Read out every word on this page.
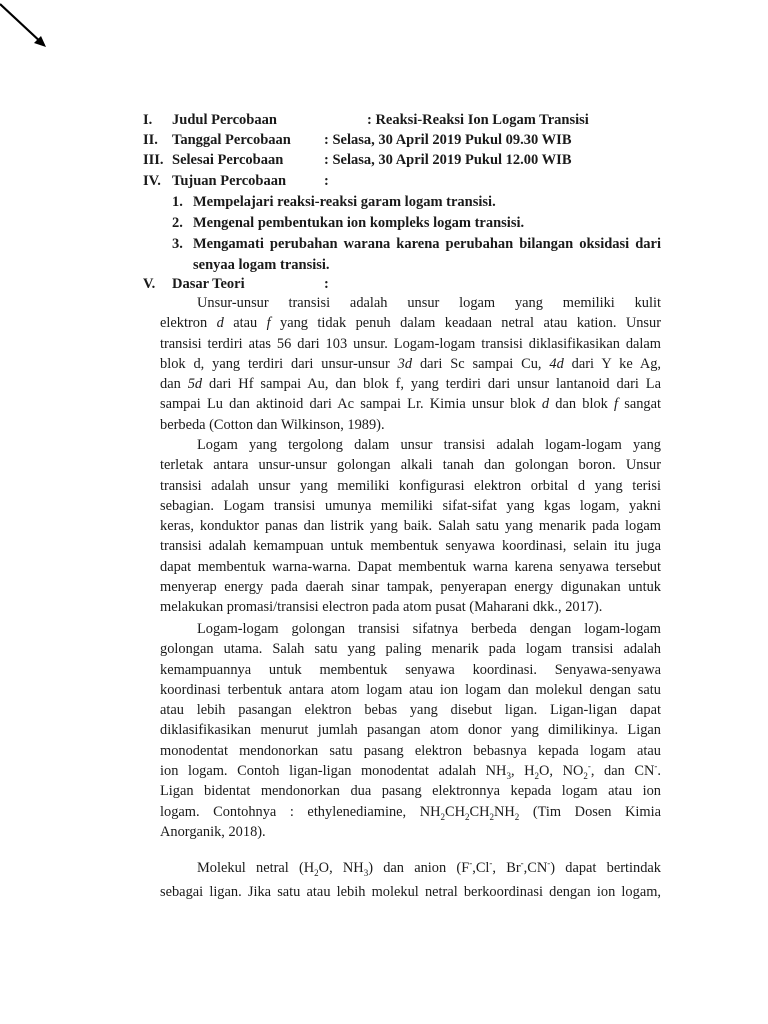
I. Judul Percobaan	: Reaksi-Reaksi Ion Logam Transisi
II. Tanggal Percobaan : Selasa, 30 April 2019 Pukul 09.30 WIB
III. Selesai Percobaan	: Selasa, 30 April 2019 Pukul 12.00 WIB
IV. Tujuan Percobaan	:
1. Mempelajari reaksi-reaksi garam logam transisi.
2. Mengenal pembentukan ion kompleks logam transisi.
3. Mengamati perubahan warana karena perubahan bilangan oksidasi dari senyaa logam transisi.
V. Dasar Teori	:
Unsur-unsur transisi adalah unsur logam yang memiliki kulit
elektron d atau f yang tidak penuh dalam keadaan netral atau kation. Unsur
transisi terdiri atas 56 dari 103 unsur. Logam-logam transisi diklasifikasikan dalam
blok d, yang terdiri dari unsur-unsur 3d dari Sc sampai Cu, 4d dari Y ke Ag,
dan 5d dari Hf sampai Au, dan blok f, yang terdiri dari unsur lantanoid dari La
sampai Lu dan aktinoid dari Ac sampai Lr. Kimia unsur blok d dan blok f sangat
berbeda (Cotton dan Wilkinson, 1989).
Logam yang tergolong dalam unsur transisi adalah logam-logam yang
terletak antara unsur-unsur golongan alkali tanah dan golongan boron. Unsur
transisi adalah unsur yang memiliki konfigurasi elektron orbital d yang terisi
sebagian. Logam transisi umunya memiliki sifat-sifat yang kgas logam, yakni
keras, konduktor panas dan listrik yang baik. Salah satu yang menarik pada logam
transisi adalah kemampuan untuk membentuk senyawa koordinasi, selain itu juga
dapat membentuk warna-warna. Dapat membentuk warna karena senyawa tersebut
menyerap energy pada daerah sinar tampak, penyerapan energy digunakan untuk
melakukan promasi/transisi electron pada atom pusat (Maharani dkk., 2017).
Logam-logam golongan transisi sifatnya berbeda dengan logam-logam
golongan utama. Salah satu yang paling menarik pada logam transisi adalah
kemampuannya untuk membentuk senyawa koordinasi. Senyawa-senyawa
koordinasi terbentuk antara atom logam atau ion logam dan molekul dengan satu
atau lebih pasangan elektron bebas yang disebut ligan. Ligan-ligan dapat
diklasifikasikan menurut jumlah pasangan atom donor yang dimilikinya. Ligan
monodentat mendonorkan satu pasang elektron bebasnya kepada logam atau
ion logam. Contoh ligan-ligan monodentat adalah $NH_3$, $H_2O$, $NO_2^-$, dan CN-.
Ligan bidentat mendonorkan dua pasang elektronnya kepada logam atau ion
logam. Contohnya : ethylenediamine, $NH_2CH_2CH_2NH_2$ (Tim Dosen Kimia
Anorganik, 2018).
Molekul netral ($H_2O$, $NH_3$) dan anion (F-,Cl-, Br-,CN-) dapat bertindak
sebagai ligan. Jika satu atau lebih molekul netral berkoordinasi dengan ion logam,
